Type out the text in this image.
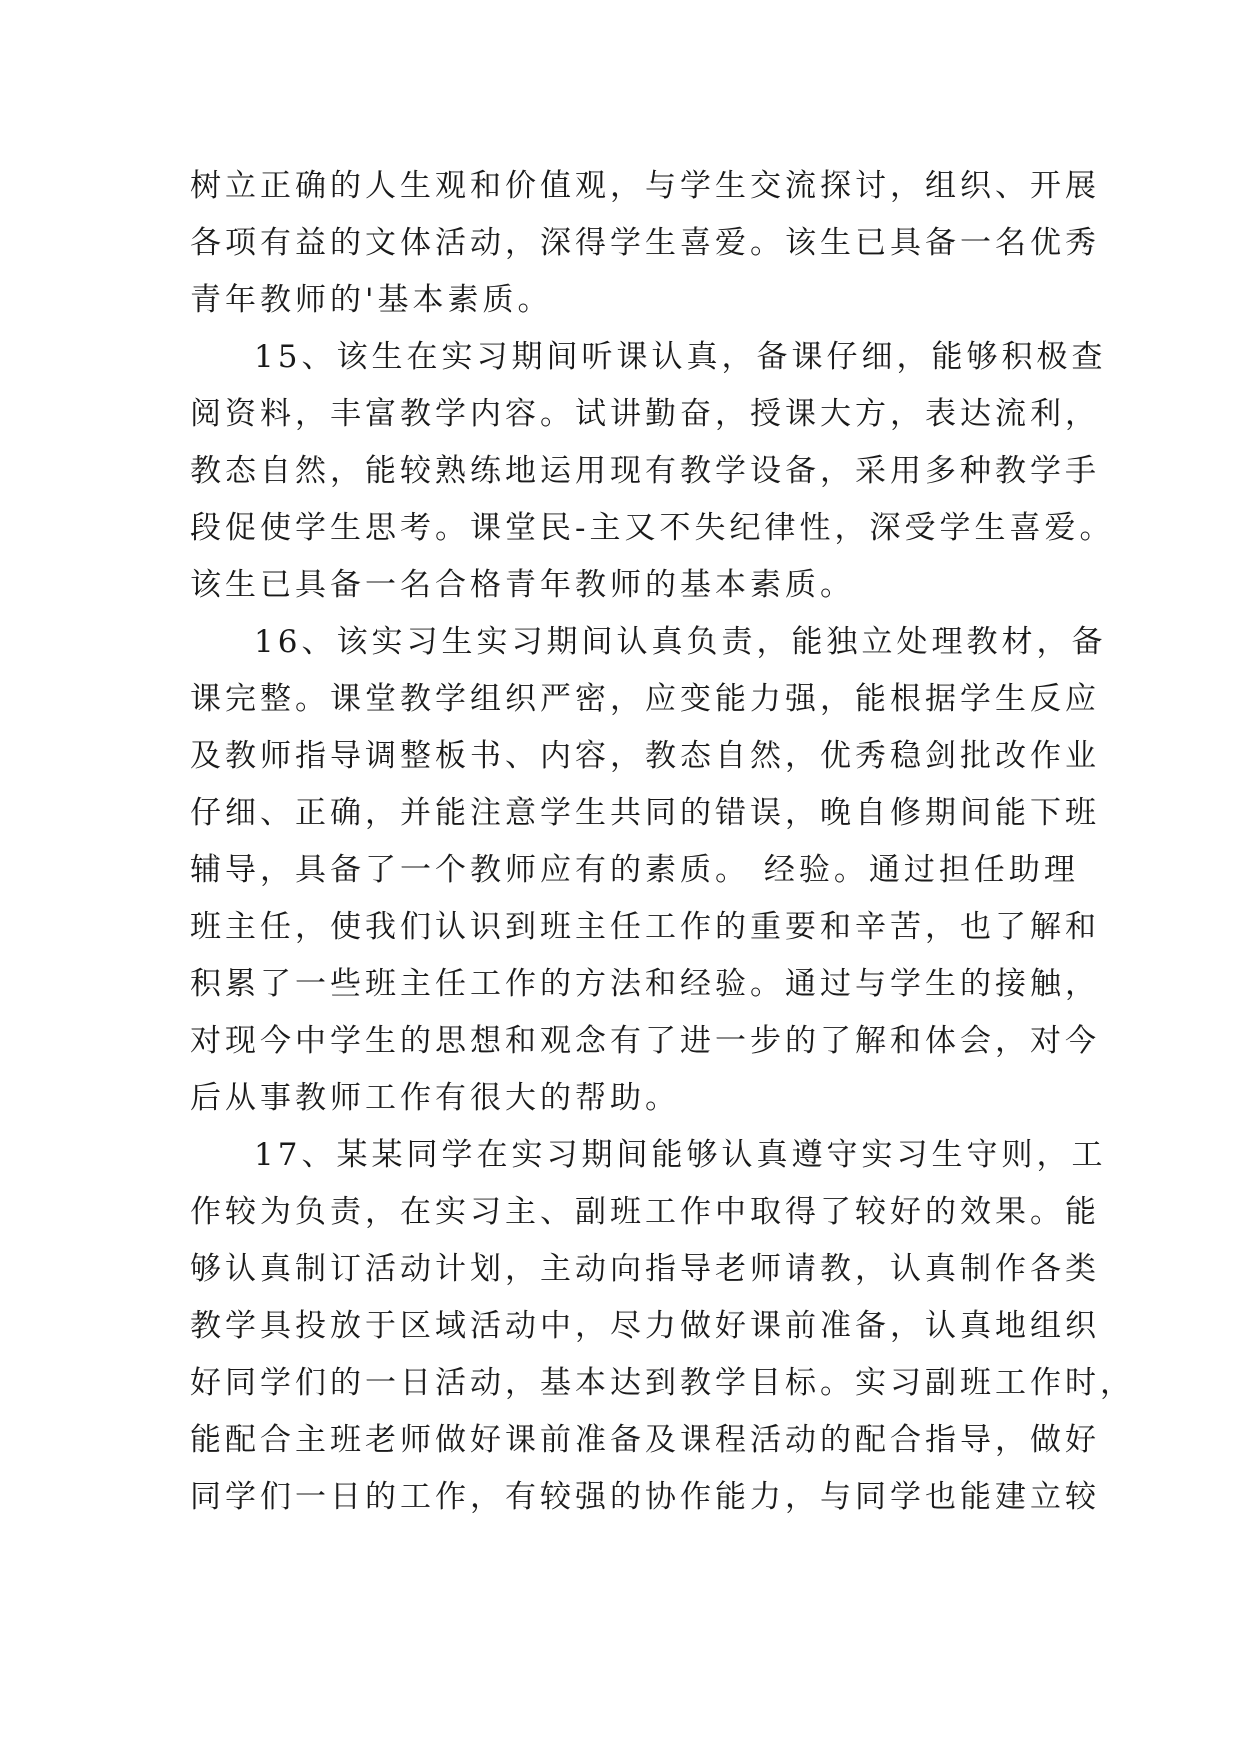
树立正确的人生观和价值观，与学生交流探讨，组织、开展
各项有益的文体活动，深得学生喜爱。该生已具备一名优秀
青年教师的'基本素质。
15、该生在实习期间听课认真，备课仔细，能够积极查
阅资料，丰富教学内容。试讲勤奋，授课大方，表达流利，
教态自然，能较熟练地运用现有教学设备，采用多种教学手
段促使学生思考。课堂民-主又不失纪律性，深受学生喜爱。
该生已具备一名合格青年教师的基本素质。
16、该实习生实习期间认真负责，能独立处理教材，备
课完整。课堂教学组织严密，应变能力强，能根据学生反应
及教师指导调整板书、内容，教态自然，优秀稳剑批改作业
仔细、正确，并能注意学生共同的错误，晚自修期间能下班
辅导，具备了一个教师应有的素质。 经验。通过担任助理
班主任，使我们认识到班主任工作的重要和辛苦，也了解和
积累了一些班主任工作的方法和经验。通过与学生的接触，
对现今中学生的思想和观念有了进一步的了解和体会，对今
后从事教师工作有很大的帮助。
17、某某同学在实习期间能够认真遵守实习生守则，工
作较为负责，在实习主、副班工作中取得了较好的效果。能
够认真制订活动计划，主动向指导老师请教，认真制作各类
教学具投放于区域活动中，尽力做好课前准备，认真地组织
好同学们的一日活动，基本达到教学目标。实习副班工作时，
能配合主班老师做好课前准备及课程活动的配合指导，做好
同学们一日的工作，有较强的协作能力，与同学也能建立较
